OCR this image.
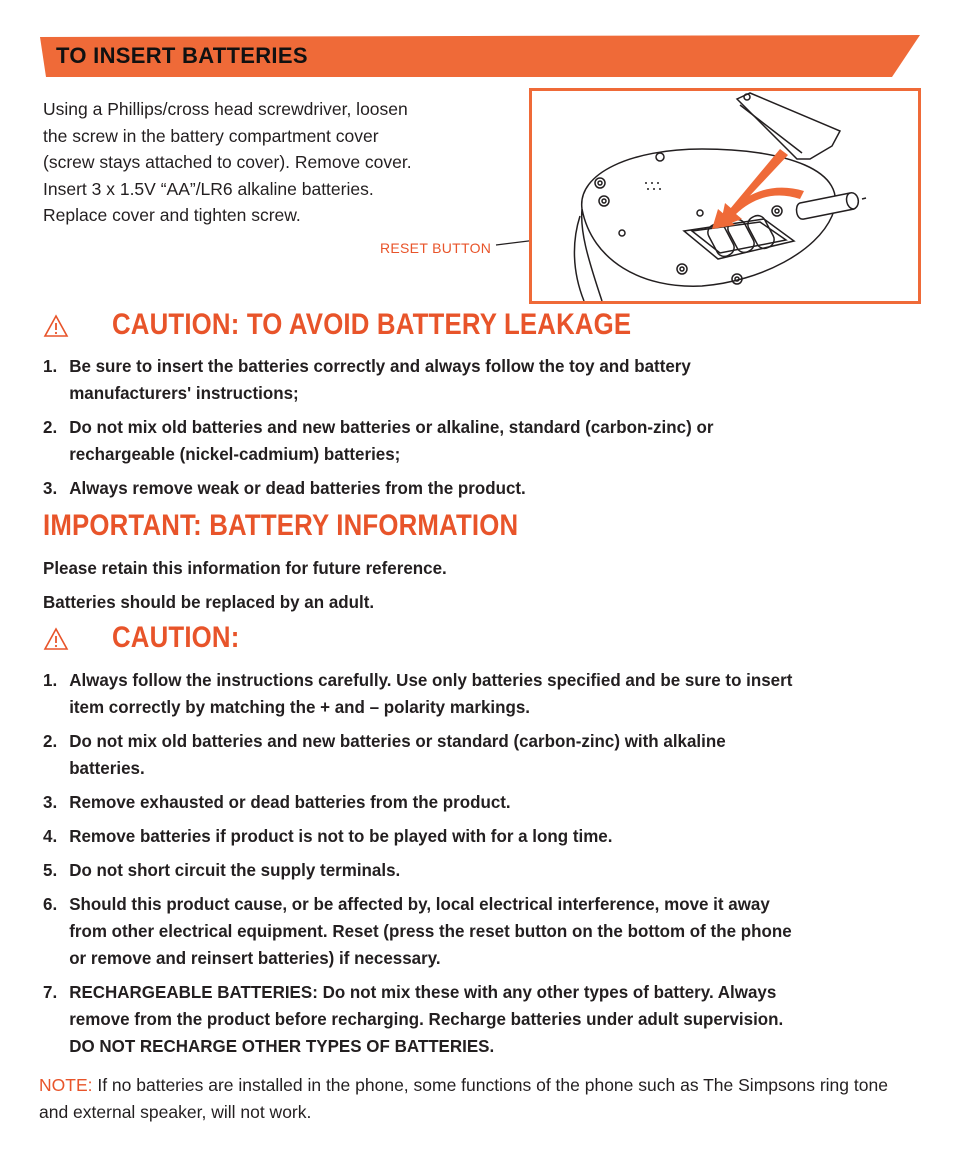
TO INSERT BATTERIES
Using a Phillips/cross head screwdriver, loosen
the screw in the battery compartment cover
(screw stays attached to cover). Remove cover.
Insert 3 x 1.5V “AA”/LR6 alkaline batteries.
Replace cover and tighten screw.
RESET BUTTON
CAUTION: TO AVOID BATTERY LEAKAGE
1. Be sure to insert the batteries correctly and always follow the toy and battery
manufacturers' instructions;
2. Do not mix old batteries and new batteries or alkaline, standard (carbon-zinc) or
rechargeable (nickel-cadmium) batteries;
3. Always remove weak or dead batteries from the product.
IMPORTANT: BATTERY INFORMATION
Please retain this information for future reference.
Batteries should be replaced by an adult.
CAUTION:
1. Always follow the instructions carefully. Use only batteries specified and be sure to insert
item correctly by matching the + and – polarity markings.
2. Do not mix old batteries and new batteries or standard (carbon-zinc) with alkaline
batteries.
3. Remove exhausted or dead batteries from the product.
4. Remove batteries if product is not to be played with for a long time.
5. Do not short circuit the supply terminals.
6. Should this product cause, or be affected by, local electrical interference, move it away
from other electrical equipment. Reset (press the reset button on the bottom of the phone
or remove and reinsert batteries) if necessary.
7. RECHARGEABLE BATTERIES: Do not mix these with any other types of battery. Always
remove from the product before recharging. Recharge batteries under adult supervision.
DO NOT RECHARGE OTHER TYPES OF BATTERIES.
NOTE: If no batteries are installed in the phone, some functions of the phone such as The Simpsons ring tone and external speaker, will not work.
